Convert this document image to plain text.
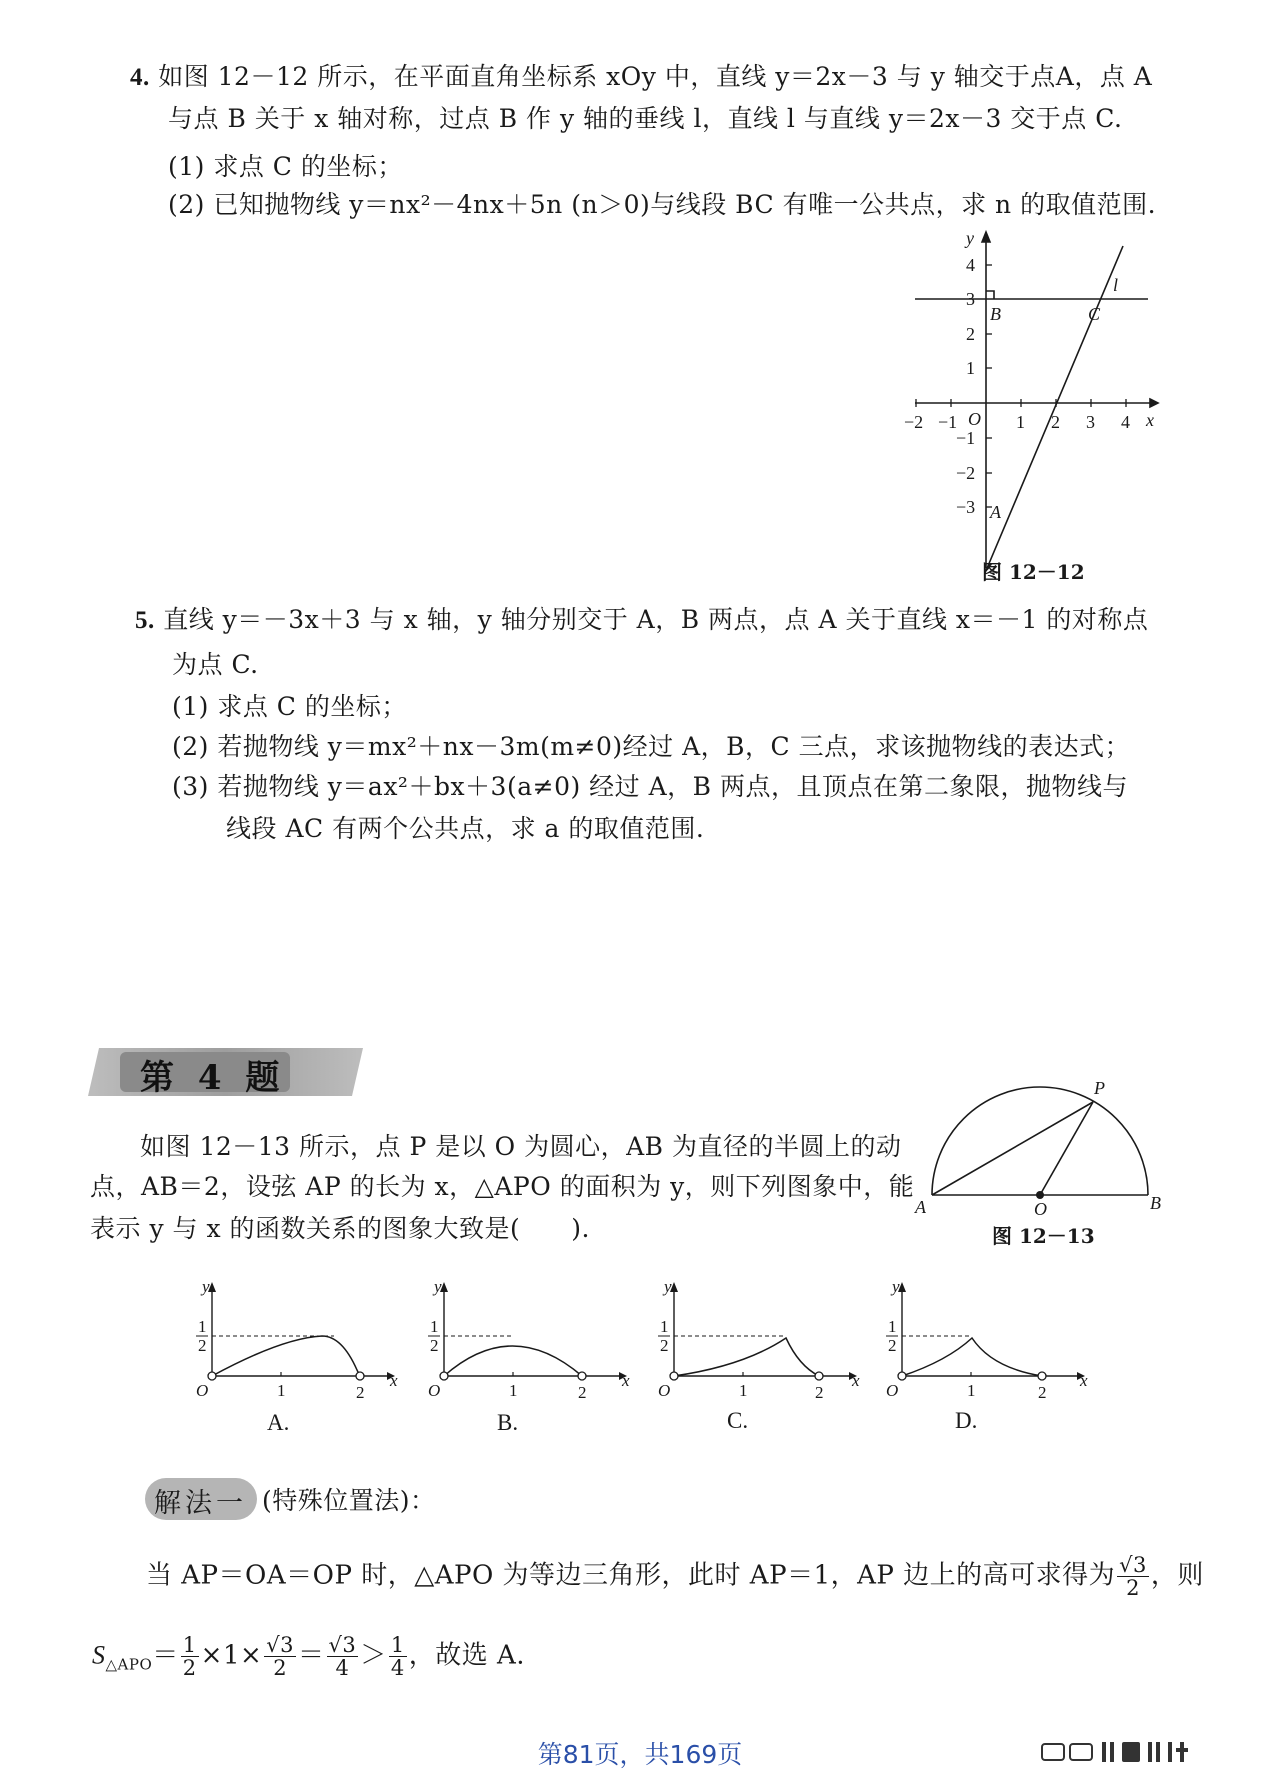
4. 如图 12－12 所示，在平面直角坐标系 xOy 中，直线 y＝2x－3 与 y 轴交于点A，点 A
与点 B 关于 x 轴对称，过点 B 作 y 轴的垂线 l，直线 l 与直线 y＝2x－3 交于点 C.
(1) 求点 C 的坐标；
(2) 已知抛物线 y＝nx²－4nx＋5n (n＞0)与线段 BC 有唯一公共点，求 n 的取值范围.
−2 −1	1 2 3 4
4
3
2
1
−1
−2
−3
x
y
O
A
B	C
l
图 12－12
5. 直线 y＝－3x＋3 与 x 轴，y 轴分别交于 A，B 两点，点 A 关于直线 x＝－1 的对称点
为点 C.
(1) 求点 C 的坐标；
(2) 若抛物线 y＝mx²＋nx－3m(m≠0)经过 A，B，C 三点，求该抛物线的表达式；
(3) 若抛物线 y＝ax²＋bx＋3(a≠0) 经过 A，B 两点，且顶点在第二象限，抛物线与
线段 AC 有两个公共点，求 a 的取值范围.
第 4 题
如图 12－13 所示，点 P 是以 O 为圆心，AB 为直径的半圆上的动
点，AB＝2，设弦 AP 的长为 x，△APO 的面积为 y，则下列图象中，能
表示 y 与 x 的函数关系的图象大致是(　　).
P
A	O	B
图 12－13
y
x
O	1	2
1
2
y
x
O	1	2
1
2
y
x
O	1	2
1
2
y
x
O	1	2
1
2
A.	B.	C.	D.
解法一 (特殊位置法)：
当 AP＝OA＝OP 时，△APO 为等边三角形，此时 AP＝1，AP 边上的高可求得为 $\frac{√3}{2}$ ，则
$S_{\triangle APO}= \frac{1}{2} \times 1\times \frac{√3}{2} = \frac{√3}{4} > \frac{1}{4}$ ，故选 A.
第81页，共169页
